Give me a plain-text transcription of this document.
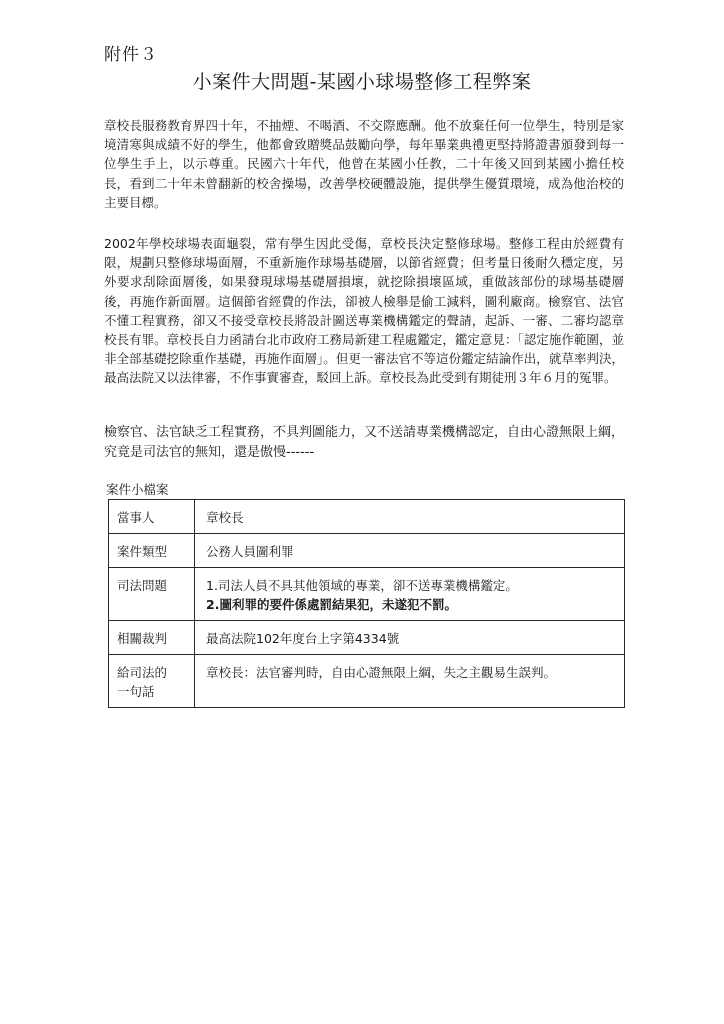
附件３
小案件大問題-某國小球場整修工程弊案

章校長服務教育界四十年，不抽煙、不喝酒、不交際應酬。他不放棄任何一位學生，特別是家境清寒與成績不好的學生，他都會致贈獎品鼓勵向學，每年畢業典禮更堅持將證書頒發到每一位學生手上，以示尊重。民國六十年代，他曾在某國小任教，二十年後又回到某國小擔任校長，看到二十年未曾翻新的校舍操場，改善學校硬體設施，提供學生優質環境，成為他治校的主要目標。

2002年學校球場表面龜裂，常有學生因此受傷，章校長決定整修球場。整修工程由於經費有限，規劃只整修球場面層，不重新施作球場基礎層，以節省經費；但考量日後耐久穩定度，另外要求刮除面層後，如果發現球場基礎層損壞，就挖除損壞區域，重做該部份的球場基礎層後，再施作新面層。這個節省經費的作法，卻被人檢舉是偷工減料，圖利廠商。檢察官、法官不懂工程實務，卻又不接受章校長將設計圖送專業機構鑑定的聲請，起訴、一審、二審均認章校長有罪。章校長自力函請台北市政府工務局新建工程處鑑定，鑑定意見：「認定施作範圍，並非全部基礎挖除重作基礎，再施作面層」。但更一審法官不等這份鑑定結論作出，就草率判決，最高法院又以法律審，不作事實審查，駁回上訴。章校長為此受到有期徒刑３年６月的冤罪。

檢察官、法官缺乏工程實務，不具判圖能力，又不送請專業機構認定，自由心證無限上綱，究竟是司法官的無知，還是傲慢------

案件小檔案
當事人	章校長
案件類型	公務人員圖利罪
司法問題	1.司法人員不具其他領域的專業，卻不送專業機構鑑定。
2.圖利罪的要件係處罰結果犯，未遂犯不罰。

相關裁判	最高法院102年度台上字第4334號

給司法的
一句話	章校長：法官審判時，自由心證無限上綱，失之主觀易生誤判。
